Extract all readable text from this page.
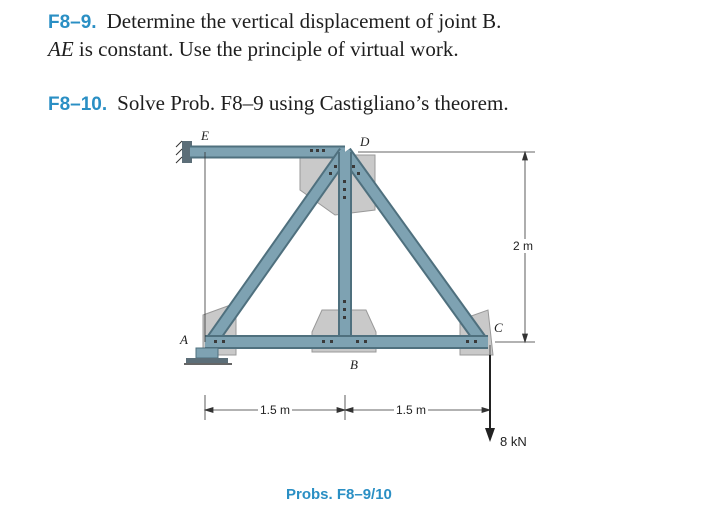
F8–9. Determine the vertical displacement of joint B.
AE is constant. Use the principle of virtual work.
F8–10. Solve Prob. F8–9 using Castigliano’s theorem.
E	D
A
B
C
1.5 m	1.5 m
2 m
8 kN
Probs. F8–9/10
